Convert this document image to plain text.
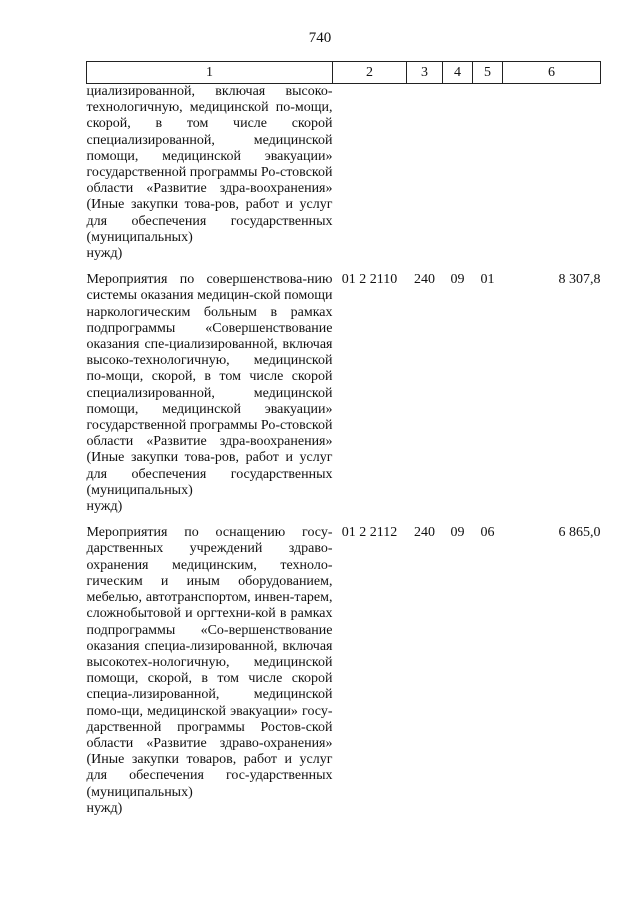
740
1	2	3	4	5	6

циализированной, включая высоко-технологичную, медицинской по-мощи, скорой, в том числе скорой специализированной, медицинской помощи, медицинской эвакуации» государственной программы Ро-стовской области «Развитие здра-воохранения» (Иные закупки това-ров, работ и услуг для обеспечения государственных (муниципальных)
нужд)					

Мероприятия по совершенствова-нию системы оказания медицин-ской помощи наркологическим больным в рамках подпрограммы «Совершенствование оказания спе-циализированной, включая высоко-технологичную, медицинской по-мощи, скорой, в том числе скорой специализированной, медицинской помощи, медицинской эвакуации» государственной программы Ро-стовской области «Развитие здра-воохранения» (Иные закупки това-ров, работ и услуг для обеспечения государственных (муниципальных)
нужд)	01 2 2110	240	09	01	8 307,8

Мероприятия по оснащению госу-дарственных учреждений здраво-охранения медицинским, техноло-гическим и иным оборудованием, мебелью, автотранспортом, инвен-тарем, сложнобытовой и оргтехни-кой в рамках подпрограммы «Со-вершенствование оказания специа-лизированной, включая высокотех-нологичную, медицинской помощи, скорой, в том числе скорой специа-лизированной, медицинской помо-щи, медицинской эвакуации» госу-дарственной программы Ростов-ской области «Развитие здраво-охранения» (Иные закупки товаров, работ и услуг для обеспечения гос-ударственных (муниципальных)
нужд)	01 2 2112	240	09	06	6 865,0
